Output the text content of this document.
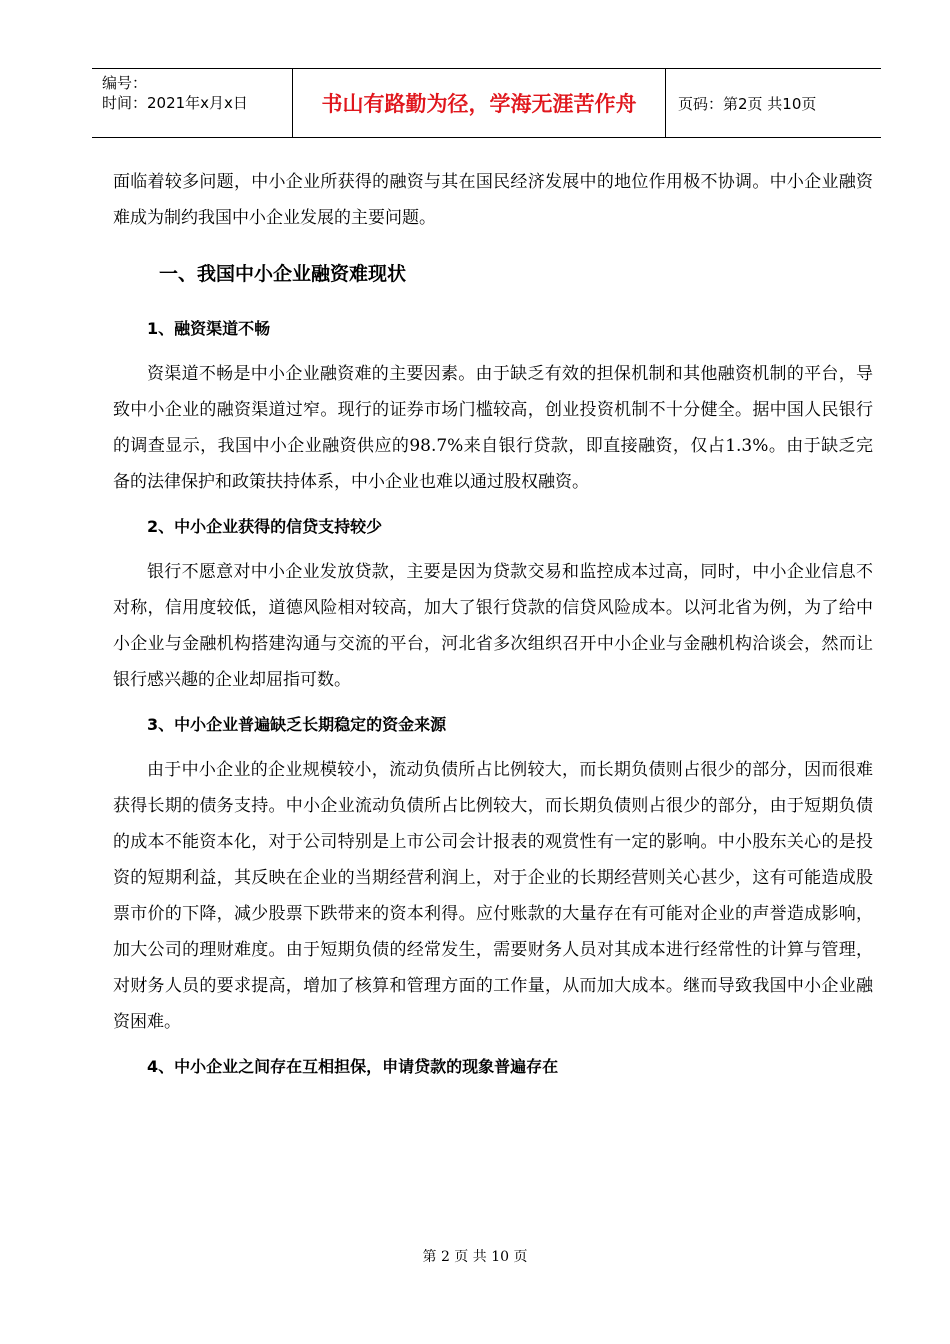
编号：
时间：2021年x月x日	书山有路勤为径，学海无涯苦作舟	页码：第2页 共10页

面临着较多问题，中小企业所获得的融资与其在国民经济发展中的地位作用极不协调。中小企业融资难成为制约我国中小企业发展的主要问题。

一、我国中小企业融资难现状
1、融资渠道不畅

资渠道不畅是中小企业融资难的主要因素。由于缺乏有效的担保机制和其他融资机制的平台，导致中小企业的融资渠道过窄。现行的证券市场门槛较高，创业投资机制不十分健全。据中国人民银行的调查显示，我国中小企业融资供应的98.7%来自银行贷款，即直接融资，仅占1.3%。由于缺乏完备的法律保护和政策扶持体系，中小企业也难以通过股权融资。

2、中小企业获得的信贷支持较少

银行不愿意对中小企业发放贷款，主要是因为贷款交易和监控成本过高，同时，中小企业信息不对称，信用度较低，道德风险相对较高，加大了银行贷款的信贷风险成本。以河北省为例，为了给中小企业与金融机构搭建沟通与交流的平台，河北省多次组织召开中小企业与金融机构洽谈会，然而让银行感兴趣的企业却屈指可数。

3、中小企业普遍缺乏长期稳定的资金来源

由于中小企业的企业规模较小，流动负债所占比例较大，而长期负债则占很少的部分，因而很难获得长期的债务支持。中小企业流动负债所占比例较大，而长期负债则占很少的部分，由于短期负债的成本不能资本化，对于公司特别是上市公司会计报表的观赏性有一定的影响。中小股东关心的是投资的短期利益，其反映在企业的当期经营利润上，对于企业的长期经营则关心甚少，这有可能造成股票市价的下降，减少股票下跌带来的资本利得。应付账款的大量存在有可能对企业的声誉造成影响，加大公司的理财难度。由于短期负债的经常发生，需要财务人员对其成本进行经常性的计算与管理，对财务人员的要求提高，增加了核算和管理方面的工作量，从而加大成本。继而导致我国中小企业融资困难。

4、中小企业之间存在互相担保，申请贷款的现象普遍存在
第 2 页 共 10 页
